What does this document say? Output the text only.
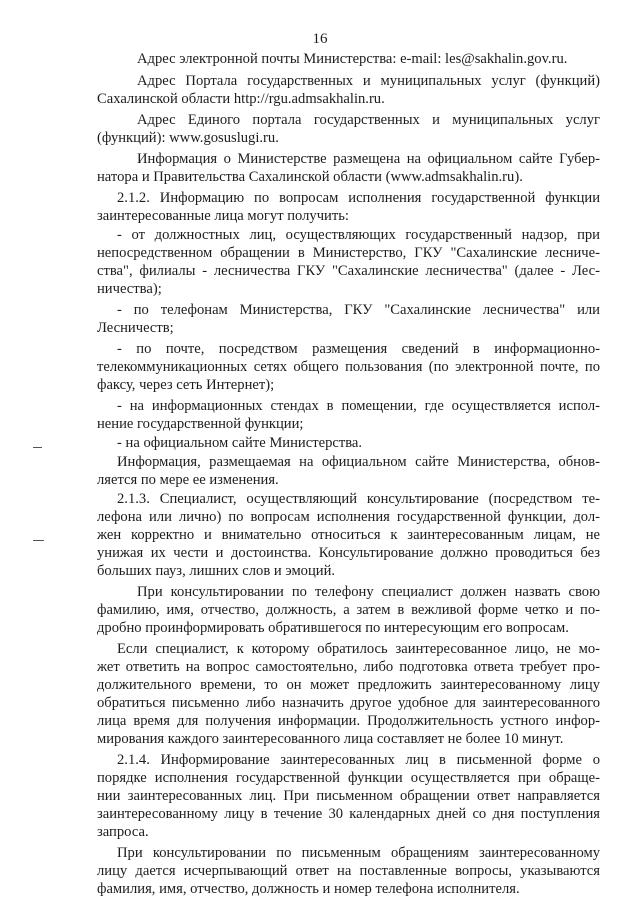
16
Адрес электронной почты Министерства: e-mail: les@sakhalin.gov.ru.
Адрес Портала государственных и муниципальных услуг (функций)
Сахалинской области http://rgu.admsakhalin.ru.
Адрес Единого портала государственных и муниципальных услуг
(функций): www.gosuslugi.ru.
Информация о Министерстве размещена на официальном сайте Губер-
натора и Правительства Сахалинской области (www.admsakhalin.ru).
2.1.2. Информацию по вопросам исполнения государственной функции
заинтересованные лица могут получить:
- от должностных лиц, осуществляющих государственный надзор, при
непосредственном обращении в Министерство, ГКУ "Сахалинские лесниче-
ства", филиалы - лесничества ГКУ "Сахалинские лесничества" (далее - Лес-
ничества);
- по телефонам Министерства, ГКУ "Сахалинские лесничества" или
Лесничеств;
- по почте, посредством размещения сведений в информационно-
телекоммуникационных сетях общего пользования (по электронной почте, по
факсу, через сеть Интернет);
- на информационных стендах в помещении, где осуществляется испол-
нение государственной функции;
- на официальном сайте Министерства.
Информация, размещаемая на официальном сайте Министерства, обнов-
ляется по мере ее изменения.
2.1.3. Специалист, осуществляющий консультирование (посредством те-
лефона или лично) по вопросам исполнения государственной функции, дол-
жен корректно и внимательно относиться к заинтересованным лицам, не
унижая их чести и достоинства. Консультирование должно проводиться без
больших пауз, лишних слов и эмоций.
При консультировании по телефону специалист должен назвать свою
фамилию, имя, отчество, должность, а затем в вежливой форме четко и по-
дробно проинформировать обратившегося по интересующим его вопросам.
Если специалист, к которому обратилось заинтересованное лицо, не мо-
жет ответить на вопрос самостоятельно, либо подготовка ответа требует про-
должительного времени, то он может предложить заинтересованному лицу
обратиться письменно либо назначить другое удобное для заинтересованного
лица время для получения информации. Продолжительность устного инфор-
мирования каждого заинтересованного лица составляет не более 10 минут.
2.1.4. Информирование заинтересованных лиц в письменной форме о
порядке исполнения государственной функции осуществляется при обраще-
нии заинтересованных лиц. При письменном обращении ответ направляется
заинтересованному лицу в течение 30 календарных дней со дня поступления
запроса.
При консультировании по письменным обращениям заинтересованному
лицу дается исчерпывающий ответ на поставленные вопросы, указываются
фамилия, имя, отчество, должность и номер телефона исполнителя.
